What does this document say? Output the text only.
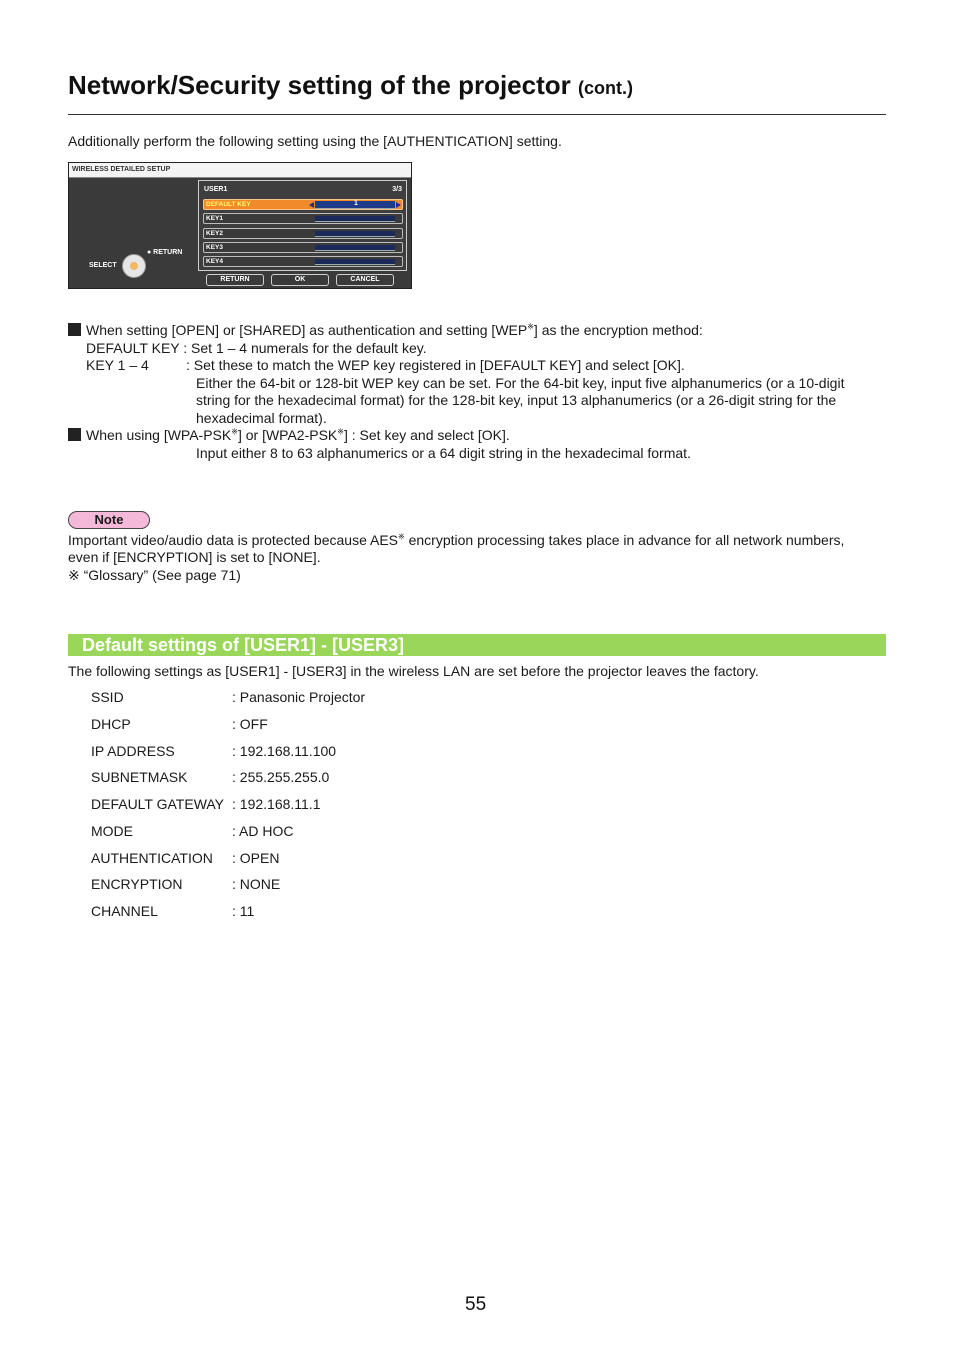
Network/Security setting of the projector (cont.)
Additionally perform the following setting using the [AUTHENTICATION] setting.
WIRELESS DETAILED SETUP
USER1	3/3
DEFAULT KEY	1
KEY1
KEY2
KEY3
KEY4
● RETURN
SELECT
RETURN	OK	CANCEL
When setting [OPEN] or [SHARED] as authentication and setting [WEP※] as the encryption method:
DEFAULT KEY : Set 1 – 4 numerals for the default key.
KEY 1 – 4	: Set these to match the WEP key registered in [DEFAULT KEY] and select [OK].
Either the 64-bit or 128-bit WEP key can be set. For the 64-bit key, input five alphanumerics (or a 10-digit
string for the hexadecimal format) for the 128-bit key, input 13 alphanumerics (or a 26-digit string for the
hexadecimal format).
When using [WPA-PSK※] or [WPA2-PSK※] : Set key and select [OK].
Input either 8 to 63 alphanumerics or a 64 digit string in the hexadecimal format.
Note
Important video/audio data is protected because AES※ encryption processing takes place in advance for all network numbers,
even if [ENCRYPTION] is set to [NONE].
※ “Glossary” (See page 71)
Default settings of [USER1] - [USER3]
The following settings as [USER1] - [USER3] in the wireless LAN are set before the projector leaves the factory.
SSID	: Panasonic Projector
DHCP	: OFF
IP ADDRESS	: 192.168.11.100
SUBNETMASK	: 255.255.255.0
DEFAULT GATEWAY : 192.168.11.1
MODE	: AD HOC
AUTHENTICATION : OPEN
ENCRYPTION	: NONE
CHANNEL	: 11
55
